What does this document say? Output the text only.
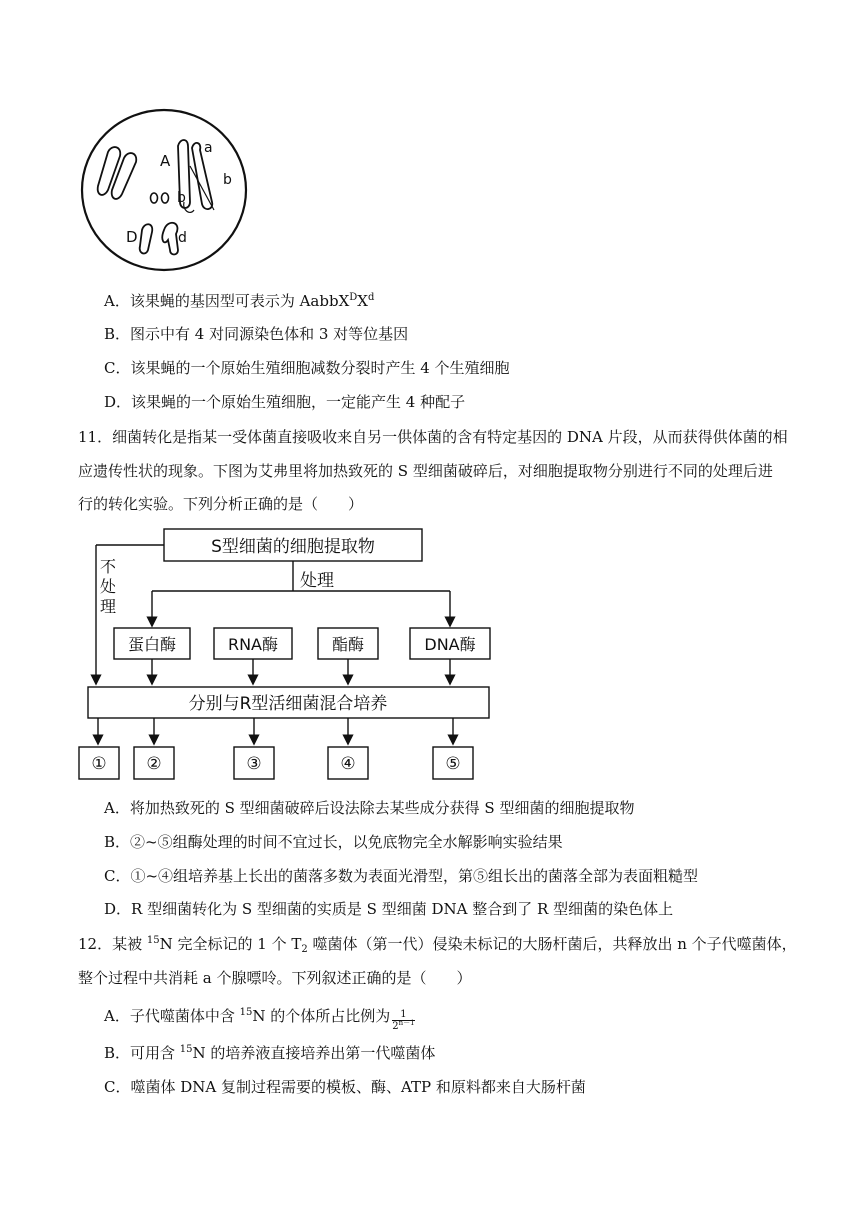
A
a
b
b
D	d
A．该果蝇的基因型可表示为 $AabbX^DX^d$
B．图示中有 4 对同源染色体和 3 对等位基因
C．该果蝇的一个原始生殖细胞减数分裂时产生 4 个生殖细胞
D．该果蝇的一个原始生殖细胞，一定能产生 4 种配子
11．细菌转化是指某一受体菌直接吸收来自另一供体菌的含有特定基因的 DNA 片段，从而获得供体菌的相
应遗传性状的现象。下图为艾弗里将加热致死的 S 型细菌破碎后，对细胞提取物分别进行不同的处理后进
行的转化实验。下列分析正确的是（　　）
S型细菌的细胞提取物
不
处
理
处理
蛋白酶	RNA酶	酯酶	DNA酶
分别与R型活细菌混合培养
① ②	③	④	⑤
A．将加热致死的 S 型细菌破碎后设法除去某些成分获得 S 型细菌的细胞提取物
B．②~⑤组酶处理的时间不宜过长，以免底物完全水解影响实验结果
C．①~④组培养基上长出的菌落多数为表面光滑型，第⑤组长出的菌落全部为表面粗糙型
D．R 型细菌转化为 S 型细菌的实质是 S 型细菌 DNA 整合到了 R 型细菌的染色体上
12．某被 $^{15}$N 完全标记的 1 个 $T_2$ 噬菌体（第一代）侵染未标记的大肠杆菌后，共释放出 n 个子代噬菌体，
整个过程中共消耗 a 个腺嘌呤。下列叙述正确的是（　　）
A．子代噬菌体中含 $^{15}$N 的个体所占比例为 $\frac{1}{2^{n-1}}$
B．可用含 $^{15}$N 的培养液直接培养出第一代噬菌体
C．噬菌体 DNA 复制过程需要的模板、酶、ATP 和原料都来自大肠杆菌
